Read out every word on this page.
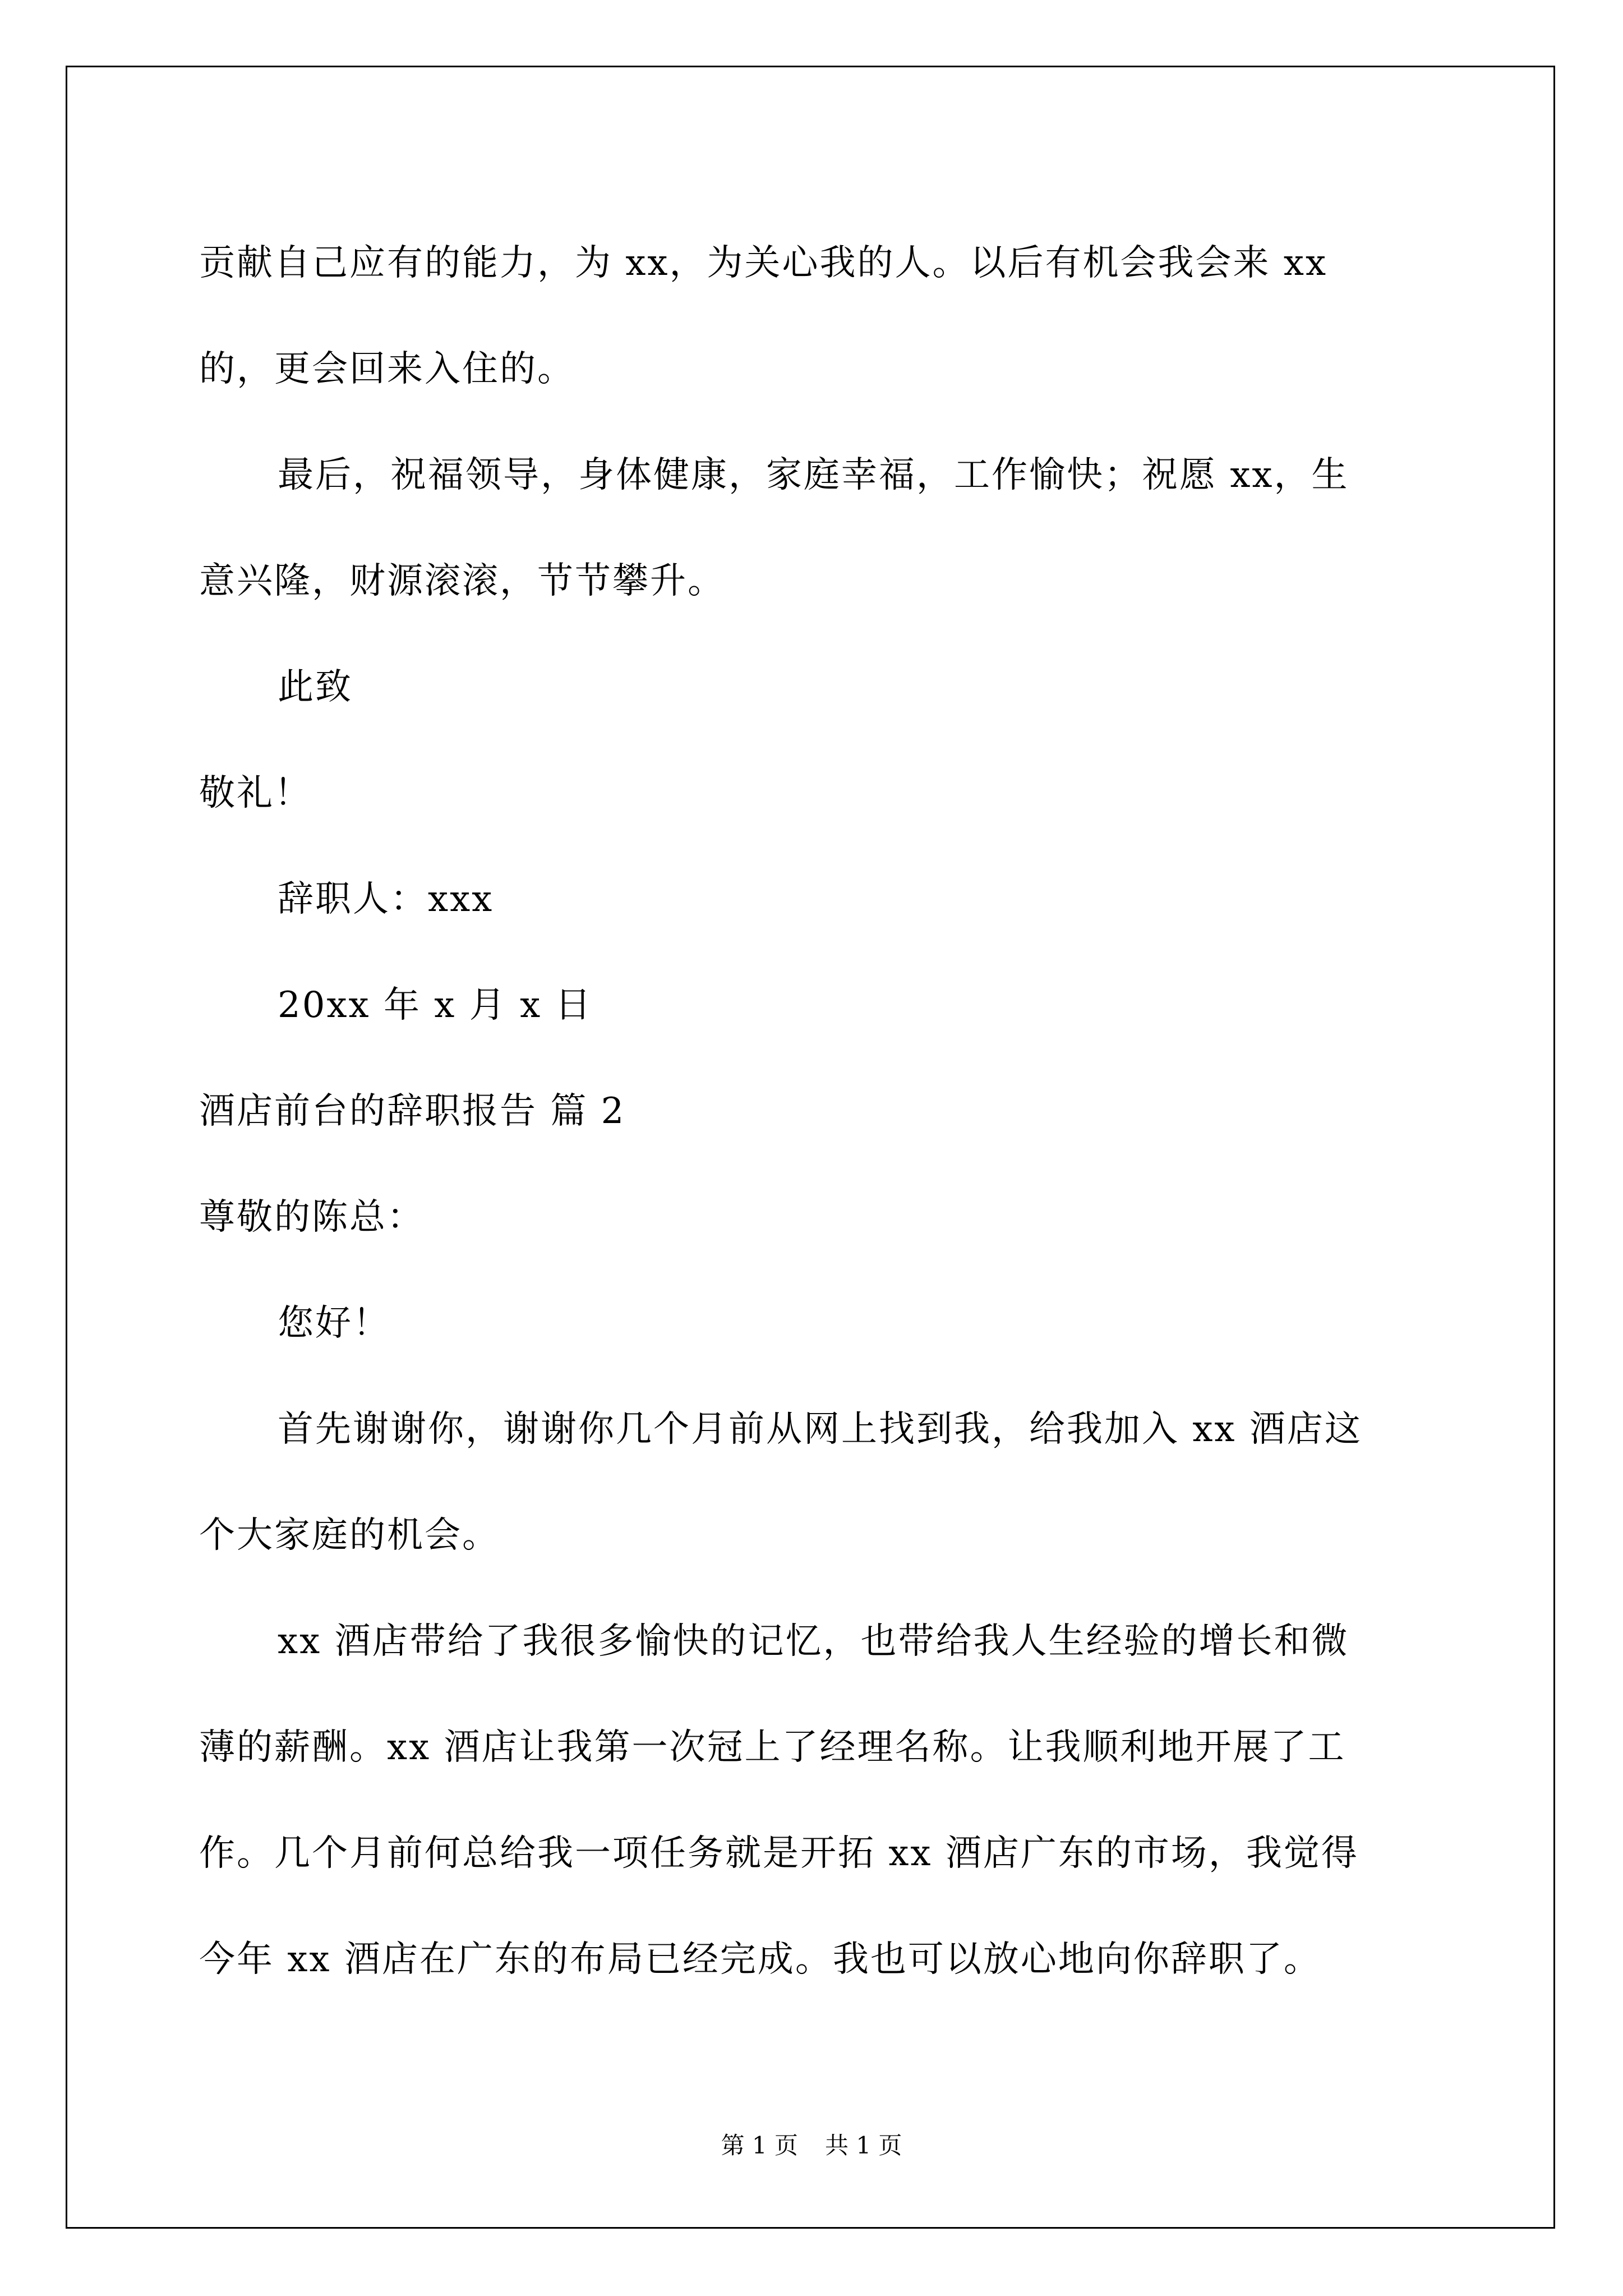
贡献自己应有的能力，为 xx，为关心我的人。以后有机会我会来 xx
的，更会回来入住的。
最后，祝福领导，身体健康，家庭幸福，工作愉快；祝愿 xx，生
意兴隆，财源滚滚，节节攀升。
此致
敬礼！
辞职人：xxx
20xx 年 x 月 x 日
酒店前台的辞职报告 篇 2
尊敬的陈总：
您好！
首先谢谢你，谢谢你几个月前从网上找到我，给我加入 xx 酒店这
个大家庭的机会。
xx 酒店带给了我很多愉快的记忆，也带给我人生经验的增长和微
薄的薪酬。xx 酒店让我第一次冠上了经理名称。让我顺利地开展了工
作。几个月前何总给我一项任务就是开拓 xx 酒店广东的市场，我觉得
今年 xx 酒店在广东的布局已经完成。我也可以放心地向你辞职了。
第 1 页 共 1 页
